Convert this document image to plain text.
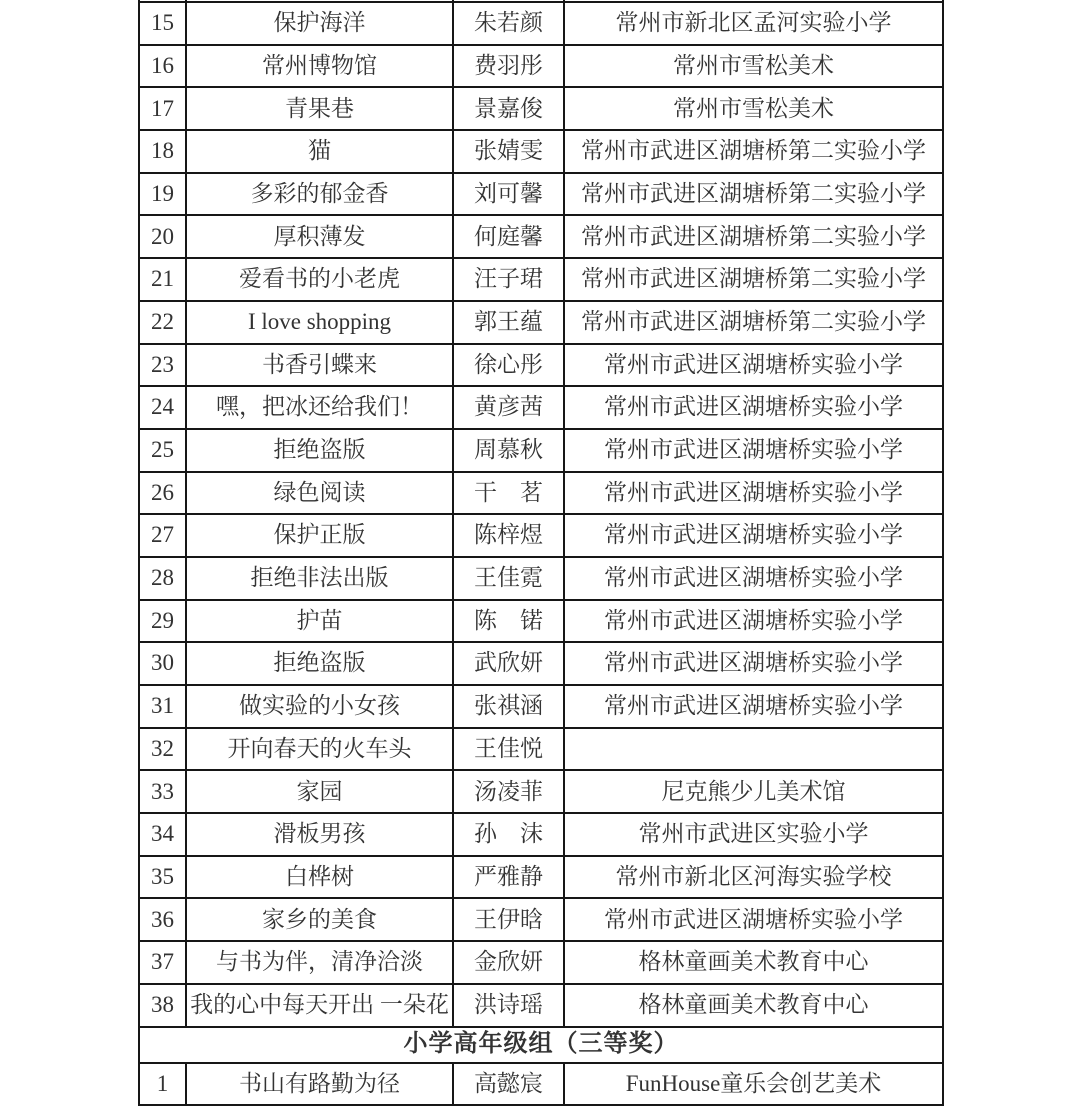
15	保护海洋	朱若颜	常州市新北区孟河实验小学
16	常州博物馆	费羽彤	常州市雪松美术
17	青果巷	景嘉俊	常州市雪松美术
18	猫	张婧雯	常州市武进区湖塘桥第二实验小学
19	多彩的郁金香	刘可馨	常州市武进区湖塘桥第二实验小学
20	厚积薄发	何庭馨	常州市武进区湖塘桥第二实验小学
21	爱看书的小老虎	汪子珺	常州市武进区湖塘桥第二实验小学
22	I love shopping	郭王蕴	常州市武进区湖塘桥第二实验小学
23	书香引蝶来	徐心彤	常州市武进区湖塘桥实验小学
24	嘿，把冰还给我们！	黄彦茜	常州市武进区湖塘桥实验小学
25	拒绝盗版	周慕秋	常州市武进区湖塘桥实验小学
26	绿色阅读	干　茗	常州市武进区湖塘桥实验小学
27	保护正版	陈梓煜	常州市武进区湖塘桥实验小学
28	拒绝非法出版	王佳霓	常州市武进区湖塘桥实验小学
29	护苗	陈　锘	常州市武进区湖塘桥实验小学
30	拒绝盗版	武欣妍	常州市武进区湖塘桥实验小学
31	做实验的小女孩	张祺涵	常州市武进区湖塘桥实验小学
32	开向春天的火车头	王佳悦	
33	家园	汤凌菲	尼克熊少儿美术馆
34	滑板男孩	孙　沫	常州市武进区实验小学
35	白桦树	严雅静	常州市新北区河海实验学校
36	家乡的美食	王伊晗	常州市武进区湖塘桥实验小学
37	与书为伴，清净洽淡	金欣妍	格林童画美术教育中心
38	我的心中每天开出 一朵花	洪诗瑶	格林童画美术教育中心
小学高年级组（三等奖）			
1	书山有路勤为径	高懿宸	FunHouse童乐会创艺美术
